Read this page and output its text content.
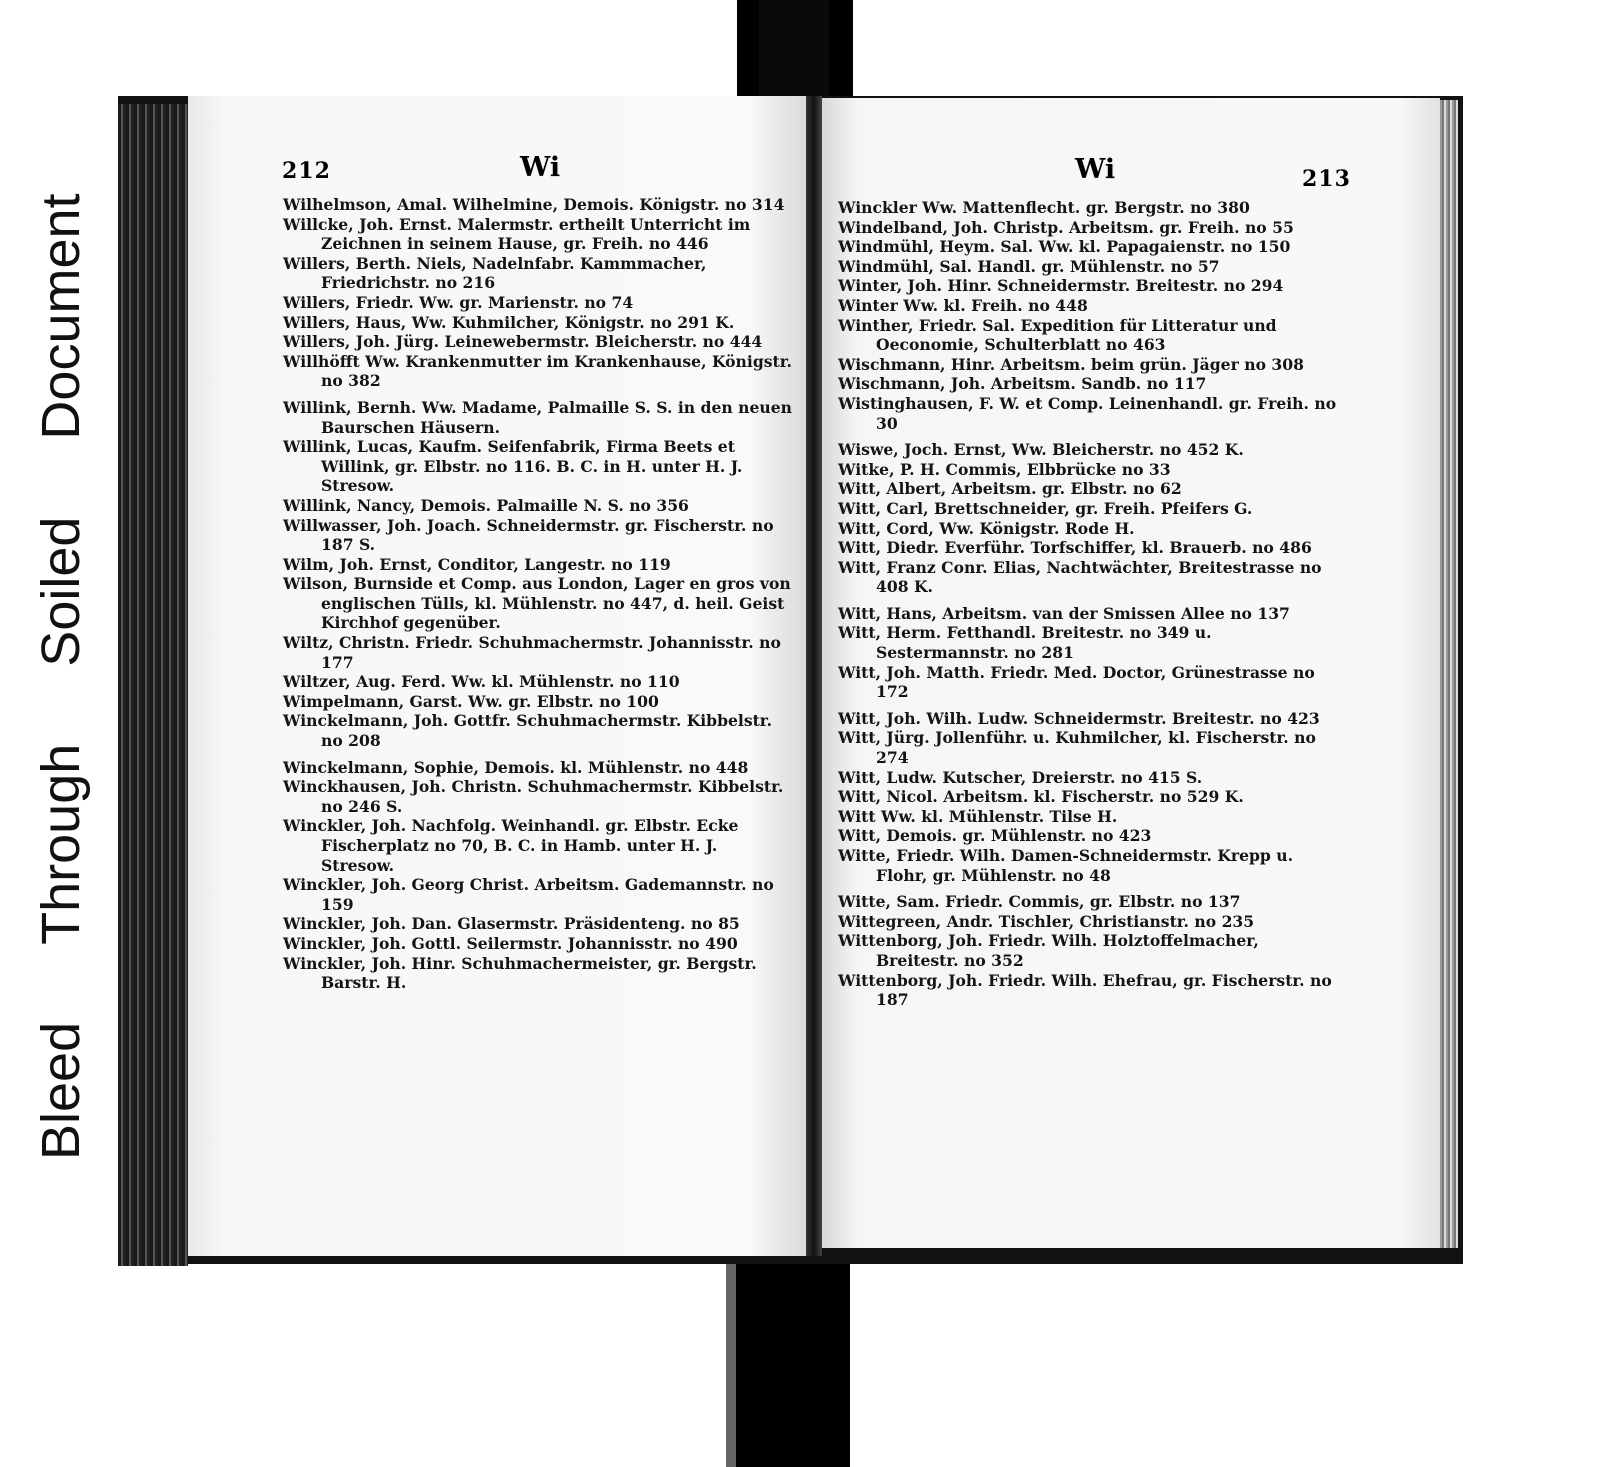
Bleed Through Soiled Document
212	Wi	Wi	213
Wilhelmson, Amal. Wilhelmine, Demois. Königstr. no 314
Willcke, Joh. Ernst. Malermstr. ertheilt Unterricht im Zeichnen in seinem Hause, gr. Freih. no 446
Willers, Berth. Niels, Nadelnfabr. Kammmacher, Friedrichstr. no 216
Willers, Friedr. Ww. gr. Marienstr. no 74
Willers, Haus, Ww. Kuhmilcher, Königstr. no 291 K.
Willers, Joh. Jürg. Leinewebermstr. Bleicherstr. no 444
Willhöfft Ww. Krankenmutter im Krankenhause, Königstr. no 382
Willink, Bernh. Ww. Madame, Palmaille S. S. in den neuen Baurschen Häusern.
Willink, Lucas, Kaufm. Seifenfabrik, Firma Beets et Willink, gr. Elbstr. no 116. B. C. in H. unter H. J. Stresow.
Willink, Nancy, Demois. Palmaille N. S. no 356
Willwasser, Joh. Joach. Schneidermstr. gr. Fischerstr. no 187 S.
Wilm, Joh. Ernst, Conditor, Langestr. no 119
Wilson, Burnside et Comp. aus London, Lager en gros von englischen Tülls, kl. Mühlenstr. no 447, d. heil. Geist Kirchhof gegenüber.
Wiltz, Christn. Friedr. Schuhmachermstr. Johannisstr. no 177
Wiltzer, Aug. Ferd. Ww. kl. Mühlenstr. no 110
Wimpelmann, Garst. Ww. gr. Elbstr. no 100
Winckelmann, Joh. Gottfr. Schuhmachermstr. Kibbelstr. no 208
Winckelmann, Sophie, Demois. kl. Mühlenstr. no 448
Winckhausen, Joh. Christn. Schuhmachermstr. Kibbelstr. no 246 S.
Winckler, Joh. Nachfolg. Weinhandl. gr. Elbstr. Ecke Fischerplatz no 70, B. C. in Hamb. unter H. J. Stresow.
Winckler, Joh. Georg Christ. Arbeitsm. Gademannstr. no 159
Winckler, Joh. Dan. Glasermstr. Präsidenteng. no 85
Winckler, Joh. Gottl. Seilermstr. Johannisstr. no 490
Winckler, Joh. Hinr. Schuhmachermeister, gr. Bergstr. Barstr. H.
Winckler Ww. Mattenflecht. gr. Bergstr. no 380
Windelband, Joh. Christp. Arbeitsm. gr. Freih. no 55
Windmühl, Heym. Sal. Ww. kl. Papagaienstr. no 150
Windmühl, Sal. Handl. gr. Mühlenstr. no 57
Winter, Joh. Hinr. Schneidermstr. Breitestr. no 294
Winter Ww. kl. Freih. no 448
Winther, Friedr. Sal. Expedition für Litteratur und Oeconomie, Schulterblatt no 463
Wischmann, Hinr. Arbeitsm. beim grün. Jäger no 308
Wischmann, Joh. Arbeitsm. Sandb. no 117
Wistinghausen, F. W. et Comp. Leinenhandl. gr. Freih. no 30
Wiswe, Joch. Ernst, Ww. Bleicherstr. no 452 K.
Witke, P. H. Commis, Elbbrücke no 33
Witt, Albert, Arbeitsm. gr. Elbstr. no 62
Witt, Carl, Brettschneider, gr. Freih. Pfeifers G.
Witt, Cord, Ww. Königstr. Rode H.
Witt, Diedr. Everführ. Torfschiffer, kl. Brauerb. no 486
Witt, Franz Conr. Elias, Nachtwächter, Breitestrasse no 408 K.
Witt, Hans, Arbeitsm. van der Smissen Allee no 137
Witt, Herm. Fetthandl. Breitestr. no 349 u. Sestermannstr. no 281
Witt, Joh. Matth. Friedr. Med. Doctor, Grünestrasse no 172
Witt, Joh. Wilh. Ludw. Schneidermstr. Breitestr. no 423
Witt, Jürg. Jollenführ. u. Kuhmilcher, kl. Fischerstr. no 274
Witt, Ludw. Kutscher, Dreierstr. no 415 S.
Witt, Nicol. Arbeitsm. kl. Fischerstr. no 529 K.
Witt Ww. kl. Mühlenstr. Tilse H.
Witt, Demois. gr. Mühlenstr. no 423
Witte, Friedr. Wilh. Damen-Schneidermstr. Krepp u. Flohr, gr. Mühlenstr. no 48
Witte, Sam. Friedr. Commis, gr. Elbstr. no 137
Wittegreen, Andr. Tischler, Christianstr. no 235
Wittenborg, Joh. Friedr. Wilh. Holztoffelmacher, Breitestr. no 352
Wittenborg, Joh. Friedr. Wilh. Ehefrau, gr. Fischerstr. no 187
